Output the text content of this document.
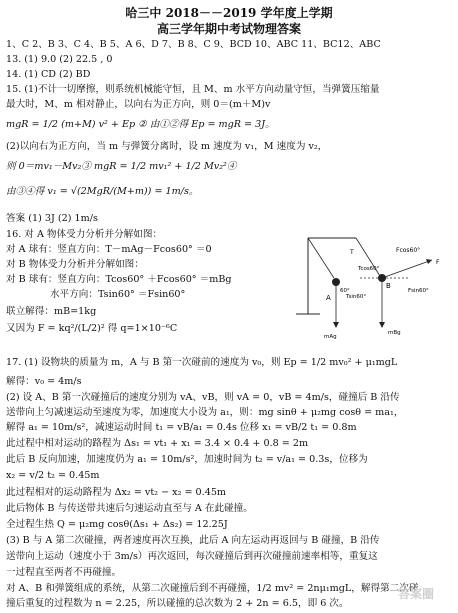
哈三中 2018－－2019 学年度上学期
高三学年期中考试物理答案
1、C 2、B 3、C 4、B 5、A 6、D 7、B 8、C 9、BCD 10、ABC 11、BC12、ABC
13. (1) 9.0 (2) 22.5 , 0
14. (1) CD (2) BD
15. (1)不计一切摩擦，则系统机械能守恒，且 M、m 水平方向动量守恒，当弹簧压缩量
最大时，M、m 相对静止，以向右为正方向，则 0＝(m＋M)v
mgR = 1/2 (m+M) v² + Ep ② 由①②得 Ep = mgR = 3J。
(2)以向右为正方向，当 m 与弹簧分离时，设 m 速度为 v₁，M 速度为 v₂，
则 0＝mv₁－Mv₂③ mgR = 1/2 mv₁² + 1/2 Mv₂²④
由③④得 v₁ = √(2MgR/(M+m)) = 1m/s。
答案 (1) 3J (2) 1m/s
16. 对 A 物体受力分析并分解如图：
对 A 球有：竖直方向：T－mAg－Fcos60° ＝0
对 B 物体受力分析并分解如图：
对 B 球有：竖直方向：Tcos60° ＋Fcos60° ＝mBg
水平方向：Tsin60° ＝Fsin60°
联立解得：mB=1kg
又因为 F = kq²/(L/2)² 得 q=1×10⁻⁶C
17. (1) 设物块的质量为 m，A 与 B 第一次碰前的速度为 v₀，则 Ep = 1/2 mv₀² + μ₁mgL
解得：v₀ = 4m/s
(2) 设 A、B 第一次碰撞后的速度分别为 vA、vB，则 vA = 0，vB = 4m/s，碰撞后 B 沿传
送带向上匀减速运动至速度为零，加速度大小设为 a₁，则：mg sinθ + μ₂mg cosθ = ma₁，
解得 a₁ = 10m/s²，减速运动时间 t₁ = vB/a₁ = 0.4s 位移 x₁ = vB/2 t₁ = 0.8m
此过程中相对运动的路程为 Δs₁ = vt₁ + x₁ = 3.4 × 0.4 + 0.8 = 2m
此后 B 反向加速，加速度仍为 a₁ = 10m/s²，加速时间为 t₂ = v/a₁ = 0.3s，位移为
x₂ = v/2 t₂ = 0.45m
此过程相对的运动路程为 Δx₂ = vt₂ − x₂ = 0.45m
此后物体 B 与传送带共速后匀速运动直至与 A 在此碰撞。
全过程生热 Q = μ₂mg cosθ(Δs₁ + Δs₂) = 12.25J
(3) B 与 A 第二次碰撞，两者速度再次互换，此后 A 向左运动再返回与 B 碰撞，B 沿传
送带向上运动（速度小于 3m/s）再次返回，每次碰撞后到再次碰撞前速率相等，重复这
一过程直至两者不再碰撞。
对 A、B 和弹簧组成的系统，从第二次碰撞后到不再碰撞，1/2 mv² = 2nμ₁mgL，解得第二次碰
撞后重复的过程数为 n = 2.25，所以碰撞的总次数为 2 + 2n = 6.5，即 6 次。
T	Fcos60°
Tcos60°
60°
Tsin60°
F
Fsin60°
A
B
mBg
mAg
答案圈
